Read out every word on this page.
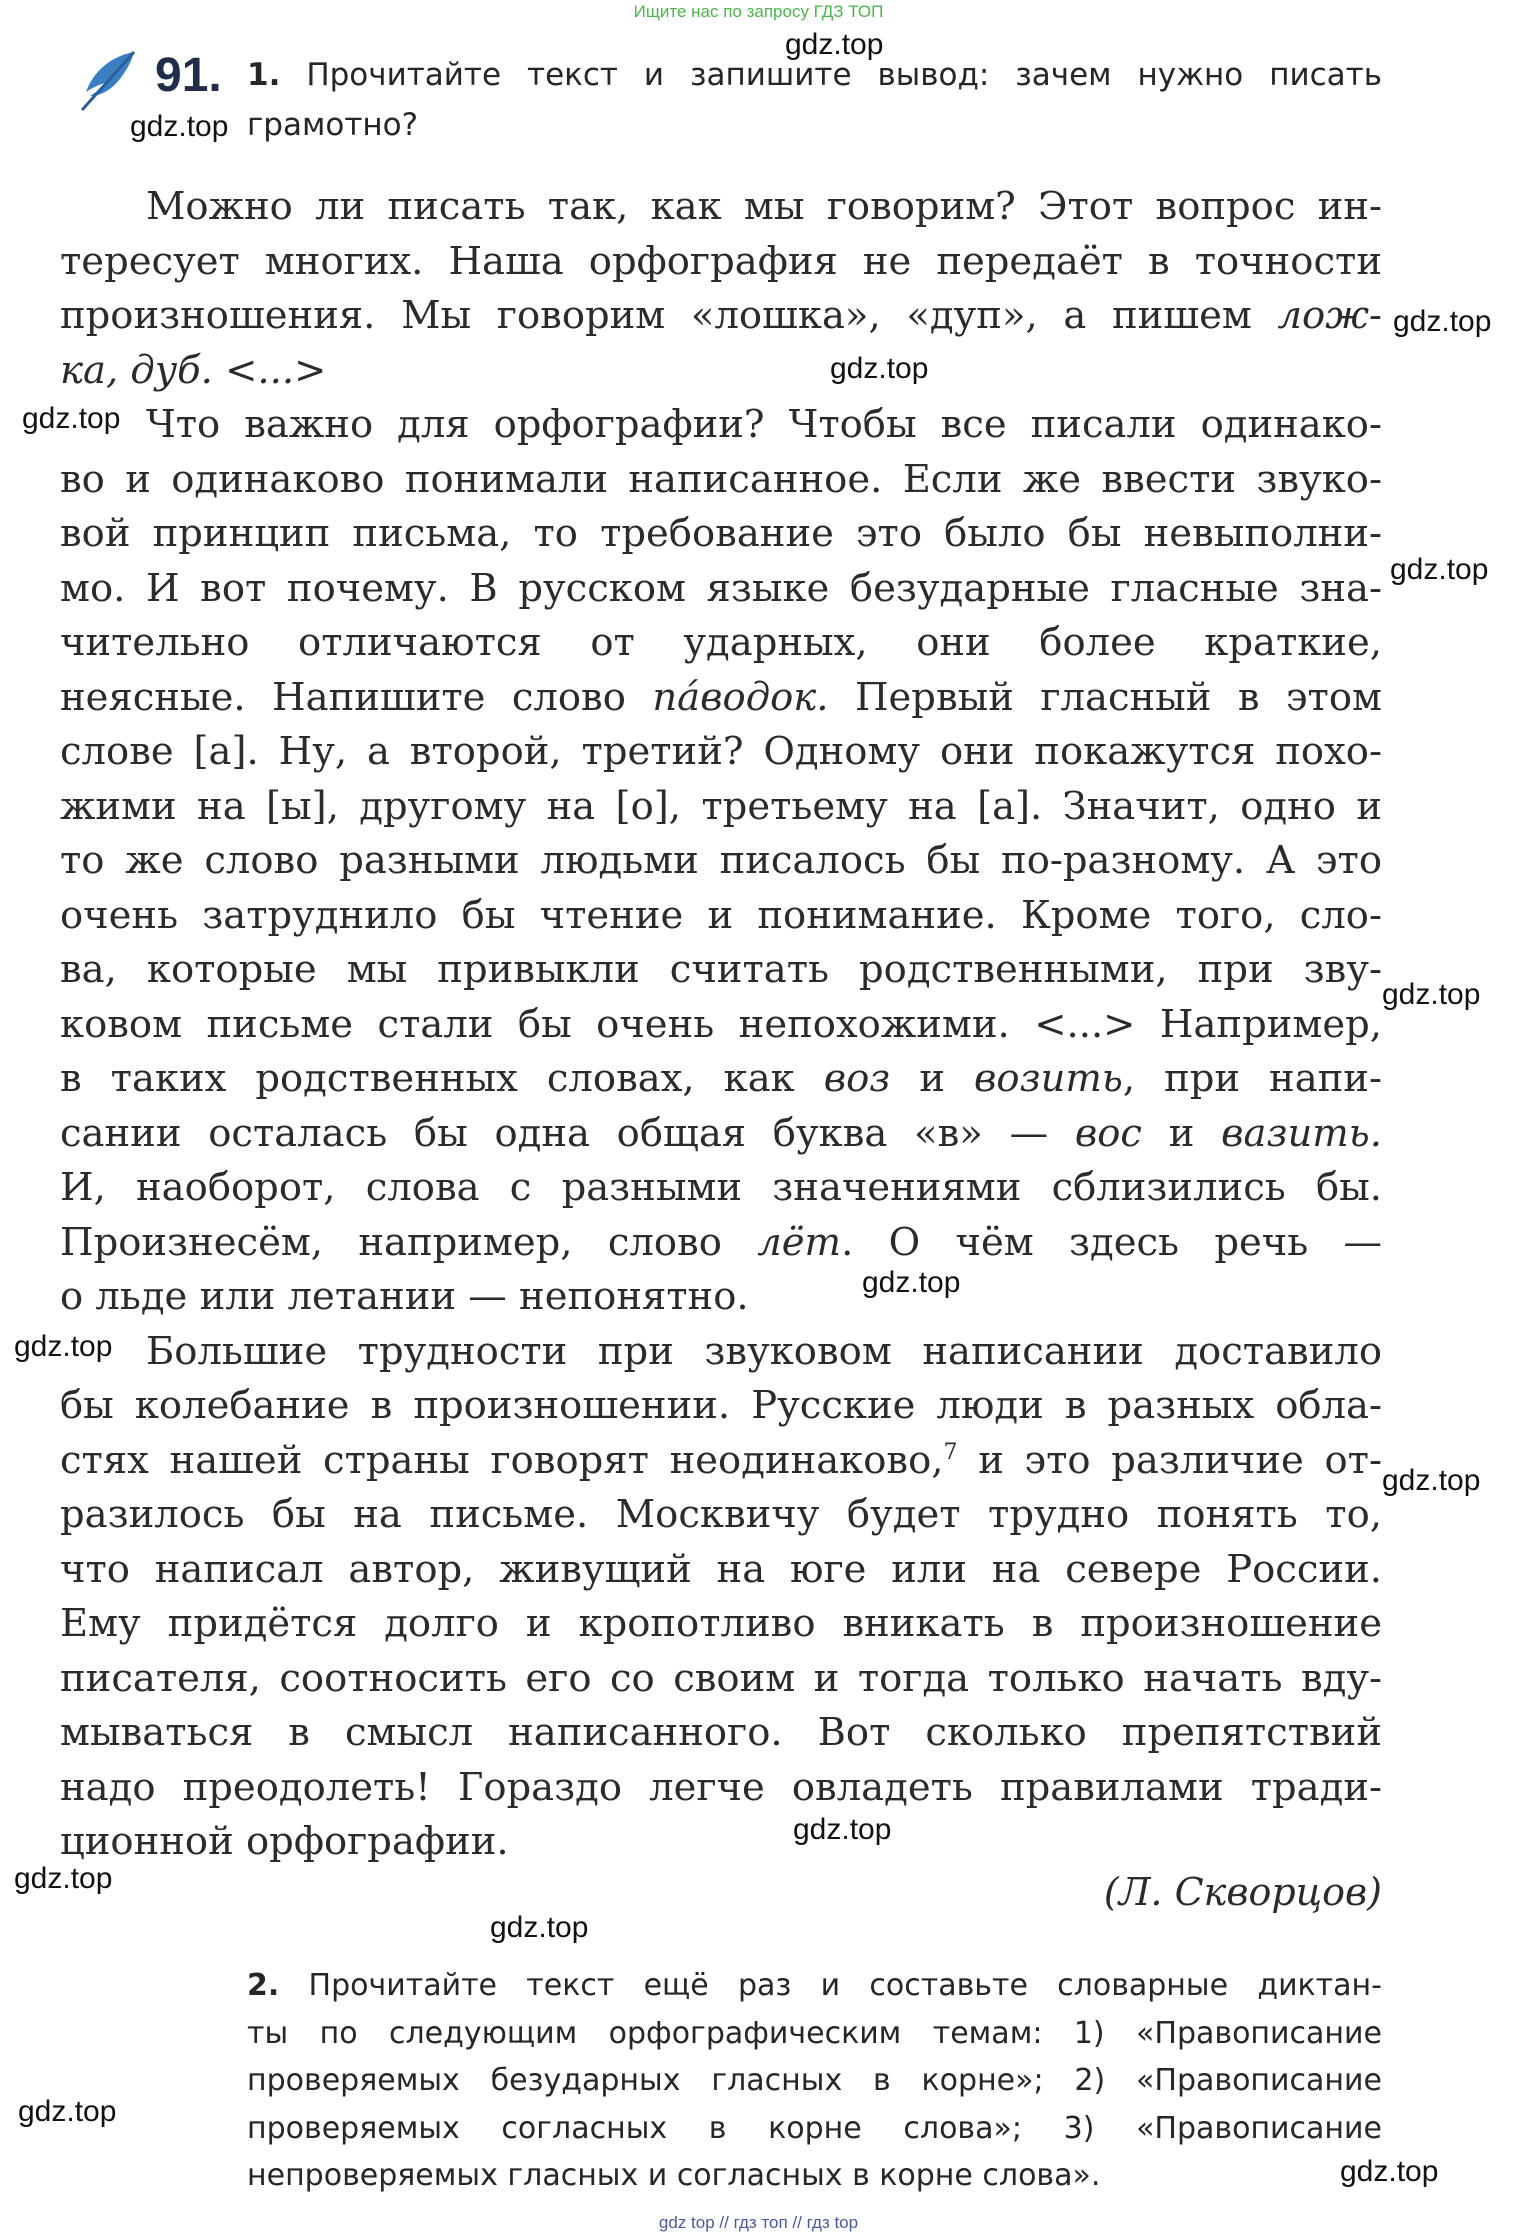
Ищите нас по запросу ГДЗ ТОП
gdz.top
gdz.top
gdz.top
gdz.top
gdz.top
gdz.top
gdz.top
gdz.top
gdz.top
gdz.top
gdz.top
gdz.top
gdz.top
gdz.top
gdz.top
91. 1. Прочитайте текст и запишите вывод: зачем нужно писать
грамотно?
Можно ли писать так, как мы говорим? Этот вопрос ин-
тересует многих. Наша орфография не передаёт в точности
произношения. Мы говорим «лошка», «дуп», а пишем лож-
ка, дуб. <...>
Что важно для орфографии? Чтобы все писали одинако-
во и одинаково понимали написанное. Если же ввести звуко-
вой принцип письма, то требование это было бы невыполни-
мо. И вот почему. В русском языке безударные гласные зна-
чительно отличаются от ударных, они более краткие,
неясные. Напишите слово пáводок. Первый гласный в этом
слове [а]. Ну, а второй, третий? Одному они покажутся похо-
жими на [ы], другому на [о], третьему на [а]. Значит, одно и
то же слово разными людьми писалось бы по-разному. А это
очень затруднило бы чтение и понимание. Кроме того, сло-
ва, которые мы привыкли считать родственными, при зву-
ковом письме стали бы очень непохожими. <...> Например,
в таких родственных словах, как воз и возить, при напи-
сании осталась бы одна общая буква «в» — вос и вазить.
И, наоборот, слова с разными значениями сблизились бы.
Произнесём, например, слово лёт. О чём здесь речь —
о льде или летании — непонятно.
Большие трудности при звуковом написании доставило
бы колебание в произношении. Русские люди в разных обла-
стях нашей страны говорят неодинаково,$^7$ и это различие от-
разилось бы на письме. Москвичу будет трудно понять то,
что написал автор, живущий на юге или на севере России.
Ему придётся долго и кропотливо вникать в произношение
писателя, соотносить его со своим и тогда только начать вду-
мываться в смысл написанного. Вот сколько препятствий
надо преодолеть! Гораздо легче овладеть правилами тради-
ционной орфографии.
(Л. Скворцов)
2. Прочитайте текст ещё раз и составьте словарные диктан-
ты по следующим орфографическим темам: 1) «Правописание
проверяемых безударных гласных в корне»; 2) «Правописание
проверяемых согласных в корне слова»; 3) «Правописание
непроверяемых гласных и согласных в корне слова».
gdz top // гдз топ // гдз top
